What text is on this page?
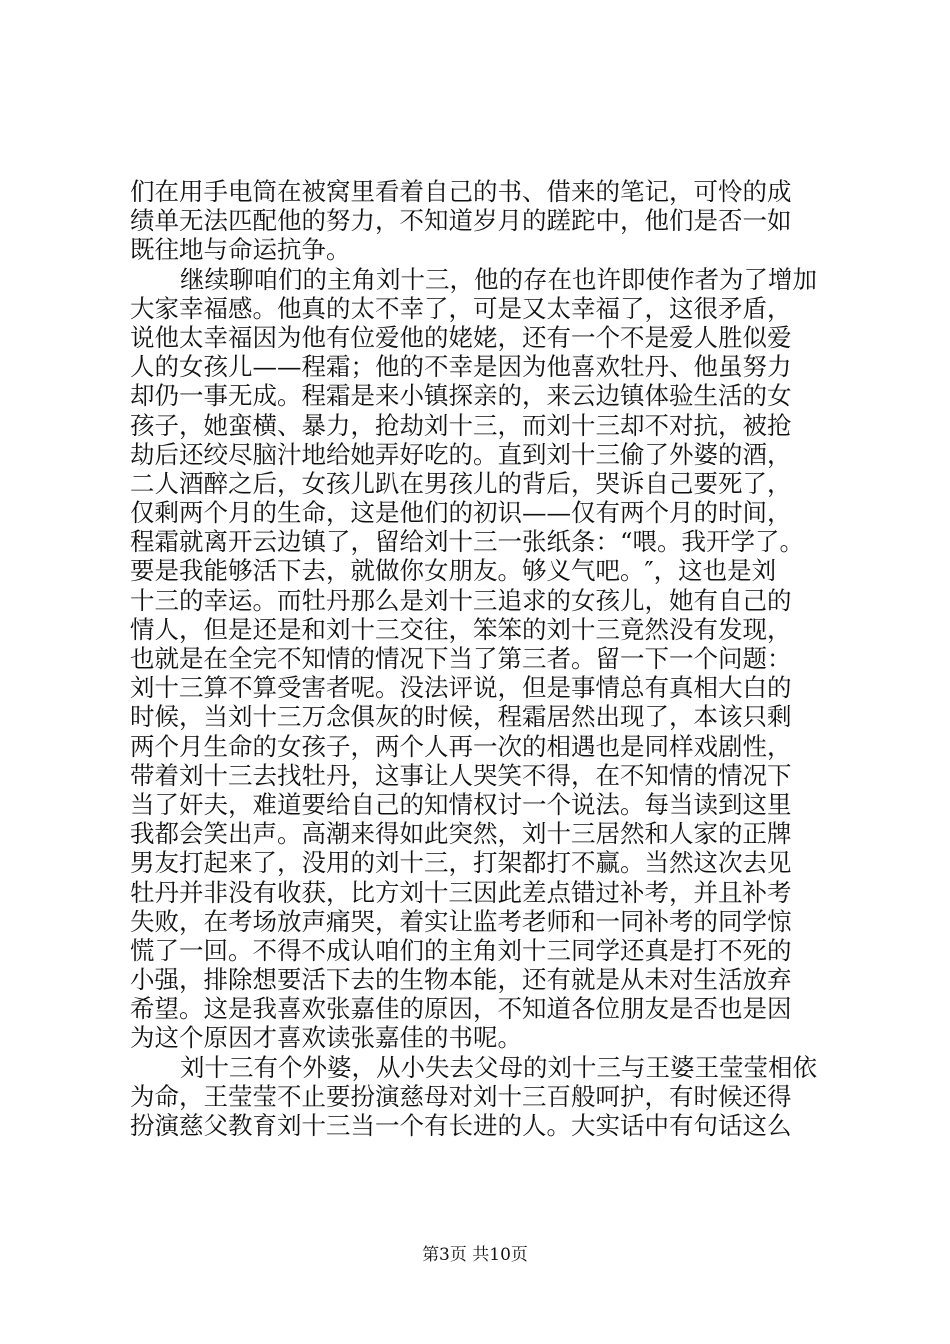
们在用手电筒在被窝里看着自己的书、借来的笔记，可怜的成
绩单无法匹配他的努力，不知道岁月的蹉跎中，他们是否一如
既往地与命运抗争。
继续聊咱们的主角刘十三，他的存在也许即使作者为了增加
大家幸福感。他真的太不幸了，可是又太幸福了，这很矛盾，
说他太幸福因为他有位爱他的姥姥，还有一个不是爱人胜似爱
人的女孩儿——程霜；他的不幸是因为他喜欢牡丹、他虽努力
却仍一事无成。程霜是来小镇探亲的，来云边镇体验生活的女
孩子，她蛮横、暴力，抢劫刘十三，而刘十三却不对抗，被抢
劫后还绞尽脑汁地给她弄好吃的。直到刘十三偷了外婆的酒，
二人酒醉之后，女孩儿趴在男孩儿的背后，哭诉自己要死了，
仅剩两个月的生命，这是他们的初识——仅有两个月的时间，
程霜就离开云边镇了，留给刘十三一张纸条：“喂。我开学了。
要是我能够活下去，就做你女朋友。够义气吧。″，这也是刘
十三的幸运。而牡丹那么是刘十三追求的女孩儿，她有自己的
情人，但是还是和刘十三交往，笨笨的刘十三竟然没有发现，
也就是在全完不知情的情况下当了第三者。留一下一个问题：
刘十三算不算受害者呢。没法评说，但是事情总有真相大白的
时候，当刘十三万念俱灰的时候，程霜居然出现了，本该只剩
两个月生命的女孩子，两个人再一次的相遇也是同样戏剧性，
带着刘十三去找牡丹，这事让人哭笑不得，在不知情的情况下
当了奸夫，难道要给自己的知情权讨一个说法。每当读到这里
我都会笑出声。高潮来得如此突然，刘十三居然和人家的正牌
男友打起来了，没用的刘十三，打架都打不赢。当然这次去见
牡丹并非没有收获，比方刘十三因此差点错过补考，并且补考
失败，在考场放声痛哭，着实让监考老师和一同补考的同学惊
慌了一回。不得不成认咱们的主角刘十三同学还真是打不死的
小强，排除想要活下去的生物本能，还有就是从未对生活放弃
希望。这是我喜欢张嘉佳的原因，不知道各位朋友是否也是因
为这个原因才喜欢读张嘉佳的书呢。
刘十三有个外婆，从小失去父母的刘十三与王婆王莹莹相依
为命，王莹莹不止要扮演慈母对刘十三百般呵护，有时候还得
扮演慈父教育刘十三当一个有长进的人。大实话中有句话这么
第3页 共10页
